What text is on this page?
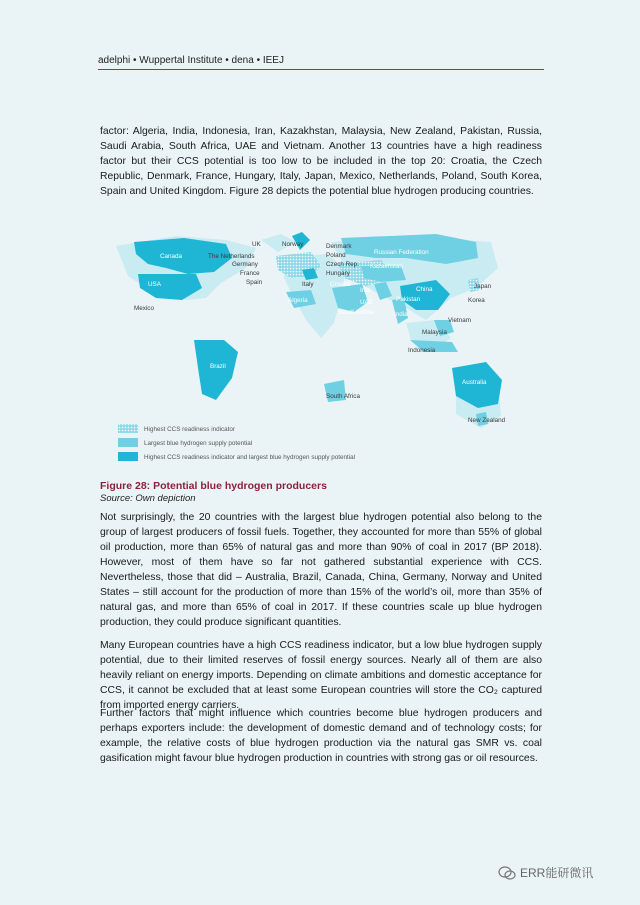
adelphi • Wuppertal Institute • dena • IEEJ

factor: Algeria, India, Indonesia, Iran, Kazakhstan, Malaysia, New Zealand, Pakistan, Russia, Saudi Arabia, South Africa, UAE and Vietnam. Another 13 countries have a high readiness factor but their CCS potential is too low to be included in the top 20: Croatia, the Czech Republic, Denmark, France, Hungary, Italy, Japan, Mexico, Netherlands, Poland, South Korea, Spain and United Kingdom. Figure 28 depicts the potential blue hydrogen producing countries.

Canada
USA
Brazil
Australia
China
Pakistan
Russian Federation
Kazakhstan
Iran
UAE
Saudi Arabia	India
Algeria
Croatia
Mexico
UK	Norway
The Netherlands
Germany
France
Spain	Italy
Denmark
Poland
Czech Rep.
Hungary
Japan
Korea
Vietnam
Malaysia
Indonesia
South Africa
New Zealand
Highest CCS readiness indicator
Largest blue hydrogen supply potential
Highest CCS readiness indicator and largest blue hydrogen supply potential
Figure 28: Potential blue hydrogen producers
Source: Own depiction

Not surprisingly, the 20 countries with the largest blue hydrogen potential also belong to the group of largest producers of fossil fuels. Together, they accounted for more than 55% of global oil production, more than 65% of natural gas and more than 90% of coal in 2017 (BP 2018). However, most of them have so far not gathered substantial experience with CCS. Nevertheless, those that did – Australia, Brazil, Canada, China, Germany, Norway and United States – still account for the production of more than 15% of the world’s oil, more than 35% of natural gas, and more than 65% of coal in 2017. If these countries scale up blue hydrogen production, they could produce significant quantities.

Many European countries have a high CCS readiness indicator, but a low blue hydrogen supply potential, due to their limited reserves of fossil energy sources. Nearly all of them are also heavily reliant on energy imports. Depending on climate ambitions and domestic acceptance for CCS, it cannot be excluded that at least some European countries will store the CO₂ captured from imported energy carriers.

Further factors that might influence which countries become blue hydrogen producers and perhaps exporters include: the development of domestic demand and of technology costs; for example, the relative costs of blue hydrogen production via the natural gas SMR vs. coal gasification might favour blue hydrogen production in countries with strong gas or oil resources.

ERR能研微讯
